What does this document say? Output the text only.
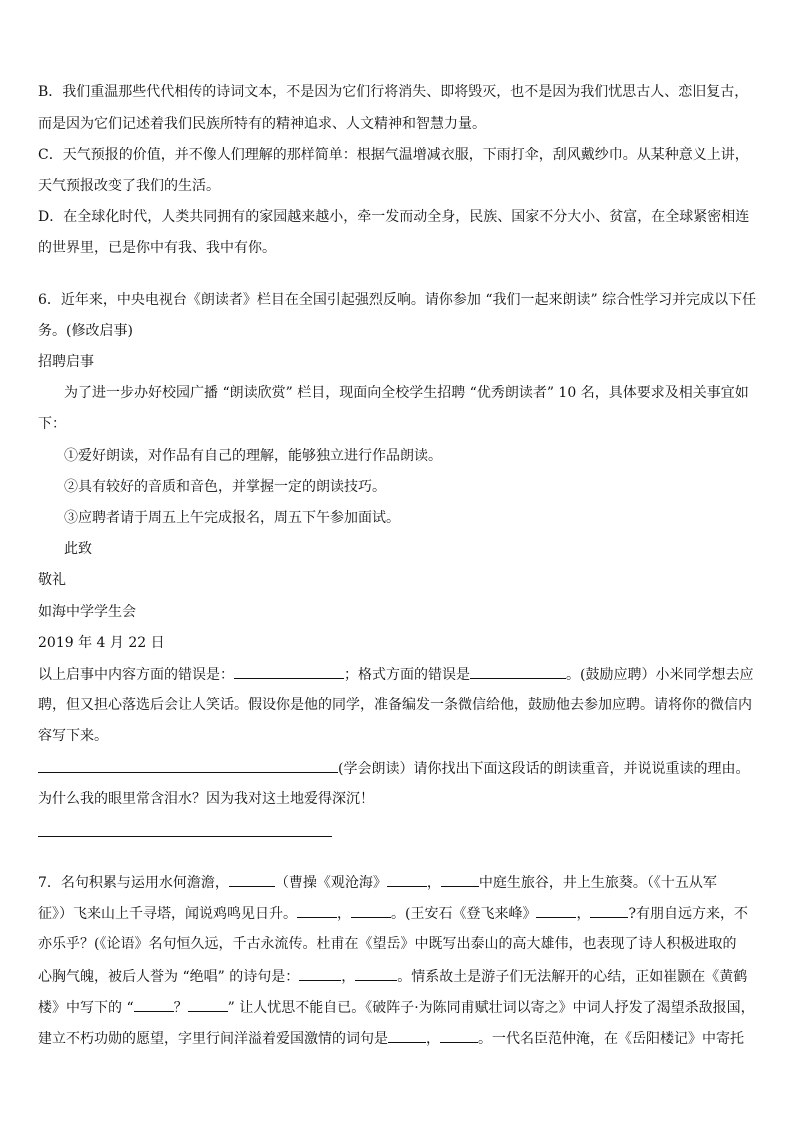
B．我们重温那些代代相传的诗词文本，不是因为它们行将消失、即将毁灭，也不是因为我们忧思古人、恋旧复古，
而是因为它们记述着我们民族所特有的精神追求、人文精神和智慧力量。
C．天气预报的价值，并不像人们理解的那样简单：根据气温增减衣服，下雨打伞，刮风戴纱巾。从某种意义上讲，
天气预报改变了我们的生活。
D．在全球化时代，人类共同拥有的家园越来越小，牵一发而动全身，民族、国家不分大小、贫富，在全球紧密相连
的世界里，已是你中有我、我中有你。
6．近年来，中央电视台《朗读者》栏目在全国引起强烈反响。请你参加 “我们一起来朗读” 综合性学习并完成以下任
务。(修改启事)
招聘启事
为了进一步办好校园广播 “朗读欣赏” 栏目，现面向全校学生招聘 “优秀朗读者” 10 名，具体要求及相关事宜如
下：
①爱好朗读，对作品有自己的理解，能够独立进行作品朗读。
②具有较好的音质和音色，并掌握一定的朗读技巧。
③应聘者请于周五上午完成报名，周五下午参加面试。
此致
敬礼
如海中学学生会
2019 年 4 月 22 日
以上启事中内容方面的错误是：	；格式方面的错误是	。(鼓励应聘）小米同学想去应
聘，但又担心落选后会让人笑话。假设你是他的同学，准备编发一条微信给他，鼓励他去参加应聘。请将你的微信内
容写下来。
(学会朗读）请你找出下面这段话的朗读重音，并说说重读的理由。
为什么我的眼里常含泪水？因为我对这土地爱得深沉！
7．名句积累与运用水何澹澹，	（曹操《观沧海》	，	中庭生旅谷，井上生旅葵。（《十五从军
征》）飞来山上千寻塔，闻说鸡鸣见日升。	，	。(王安石《登飞来峰》	，	?有朋自远方来，不
亦乐乎？(《论语》名句恒久远，千古永流传。杜甫在《望岳》中既写出泰山的高大雄伟，也表现了诗人积极进取的
心胸气魄，被后人誉为 “绝唱” 的诗句是：	，	。情系故土是游子们无法解开的心结，正如崔颢在《黄鹤
楼》中写下的 “	？	” 让人忧思不能自已。《破阵子·为陈同甫赋壮词以寄之》中词人抒发了渴望杀敌报国，
建立不朽功勋的愿望，字里行间洋溢着爱国激情的词句是	，	。一代名臣范仲淹，在《岳阳楼记》中寄托
